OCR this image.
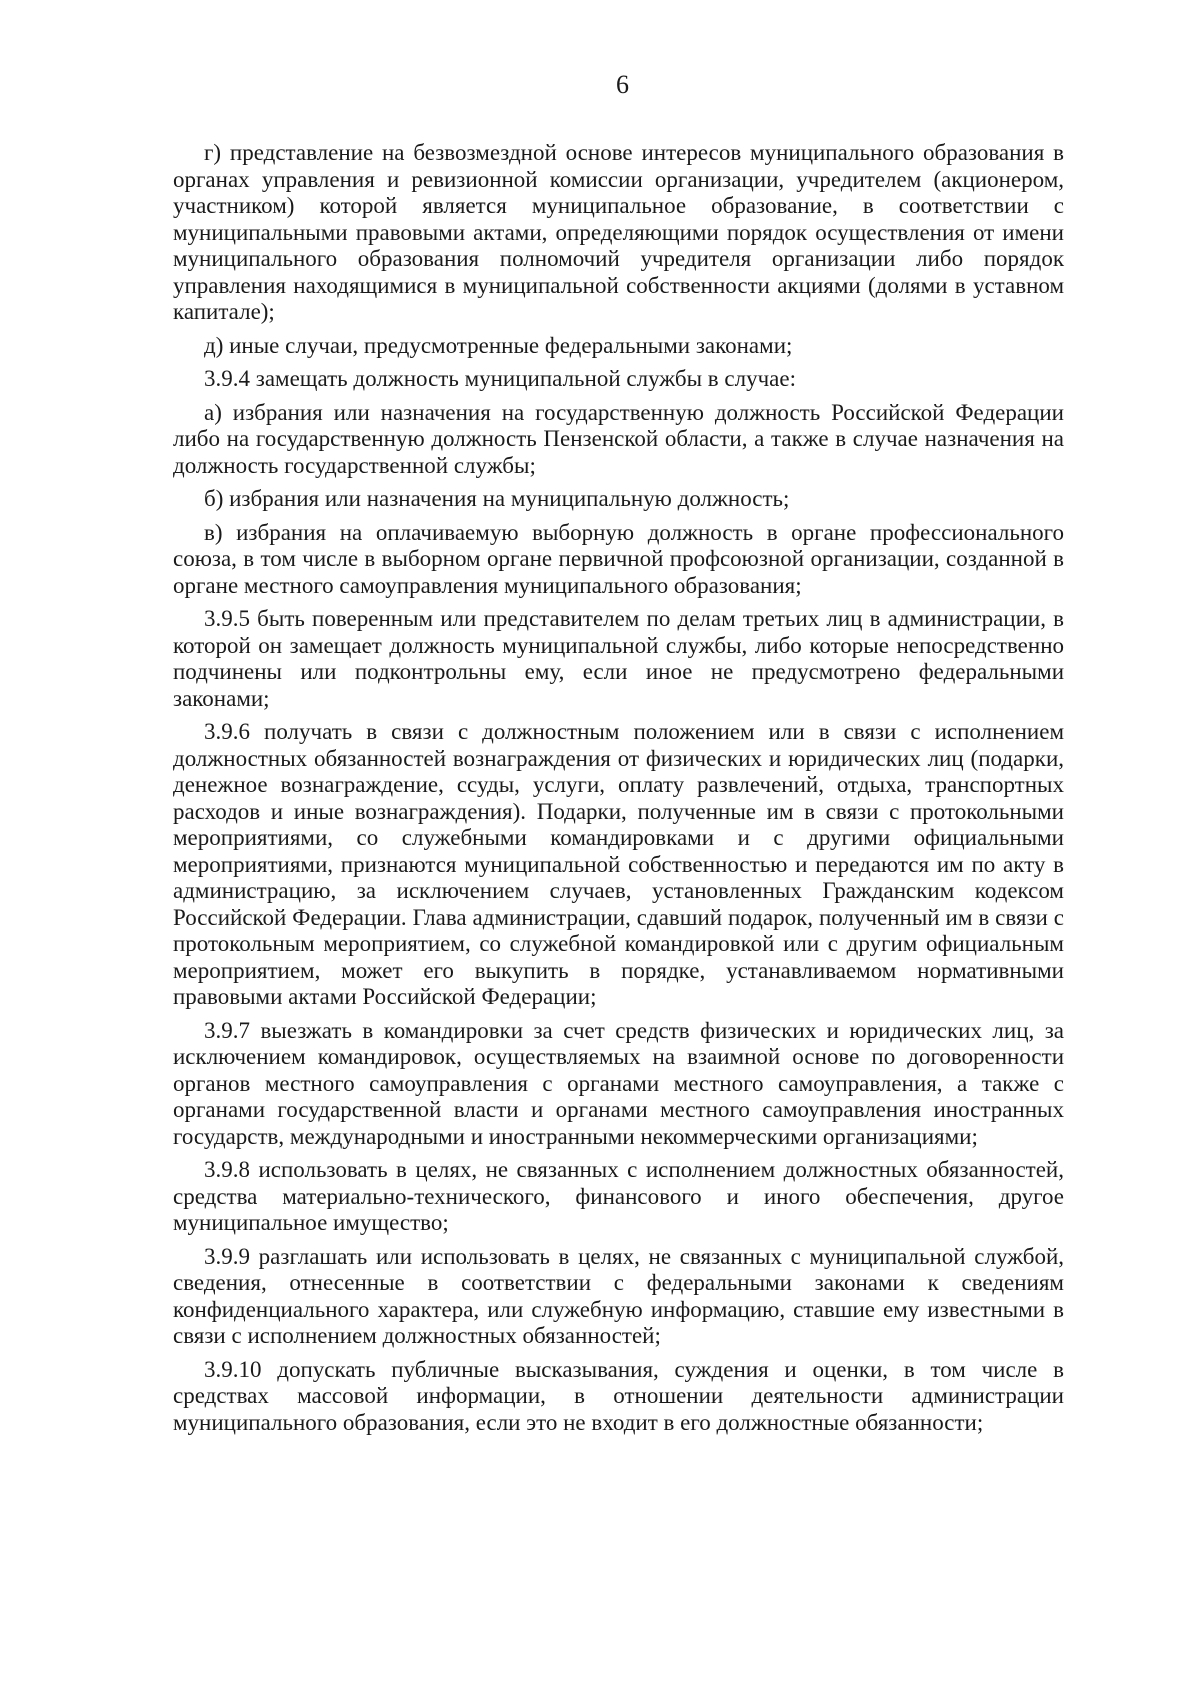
6

г) представление на безвозмездной основе интересов муниципального образования в органах управления и ревизионной комиссии организации, учредителем (акционером, участником) которой является муниципальное образование, в соответствии с муниципальными правовыми актами, определяющими порядок осуществления от имени муниципального образования полномочий учредителя организации либо порядок управления находящимися в муниципальной собственности акциями (долями в уставном капитале);

д) иные случаи, предусмотренные федеральными законами;

3.9.4 замещать должность муниципальной службы в случае:

а) избрания или назначения на государственную должность Российской Федерации либо на государственную должность Пензенской области, а также в случае назначения на должность государственной службы;

б) избрания или назначения на муниципальную должность;

в) избрания на оплачиваемую выборную должность в органе профессионального союза, в том числе в выборном органе первичной профсоюзной организации, созданной в органе местного самоуправления муниципального образования;

3.9.5 быть поверенным или представителем по делам третьих лиц в администрации, в которой он замещает должность муниципальной службы, либо которые непосредственно подчинены или подконтрольны ему, если иное не предусмотрено федеральными законами;

3.9.6 получать в связи с должностным положением или в связи с исполнением должностных обязанностей вознаграждения от физических и юридических лиц (подарки, денежное вознаграждение, ссуды, услуги, оплату развлечений, отдыха, транспортных расходов и иные вознаграждения). Подарки, полученные им в связи с протокольными мероприятиями, со служебными командировками и с другими официальными мероприятиями, признаются муниципальной собственностью и передаются им по акту в администрацию, за исключением случаев, установленных Гражданским кодексом Российской Федерации. Глава администрации, сдавший подарок, полученный им в связи с протокольным мероприятием, со служебной командировкой или с другим официальным мероприятием, может его выкупить в порядке, устанавливаемом нормативными правовыми актами Российской Федерации;

3.9.7 выезжать в командировки за счет средств физических и юридических лиц, за исключением командировок, осуществляемых на взаимной основе по договоренности органов местного самоуправления с органами местного самоуправления, а также с органами государственной власти и органами местного самоуправления иностранных государств, международными и иностранными некоммерческими организациями;

3.9.8 использовать в целях, не связанных с исполнением должностных обязанностей, средства материально-технического, финансового и иного обеспечения, другое муниципальное имущество;

3.9.9 разглашать или использовать в целях, не связанных с муниципальной службой, сведения, отнесенные в соответствии с федеральными законами к сведениям конфиденциального характера, или служебную информацию, ставшие ему известными в связи с исполнением должностных обязанностей;

3.9.10 допускать публичные высказывания, суждения и оценки, в том числе в средствах массовой информации, в отношении деятельности администрации муниципального образования, если это не входит в его должностные обязанности;
